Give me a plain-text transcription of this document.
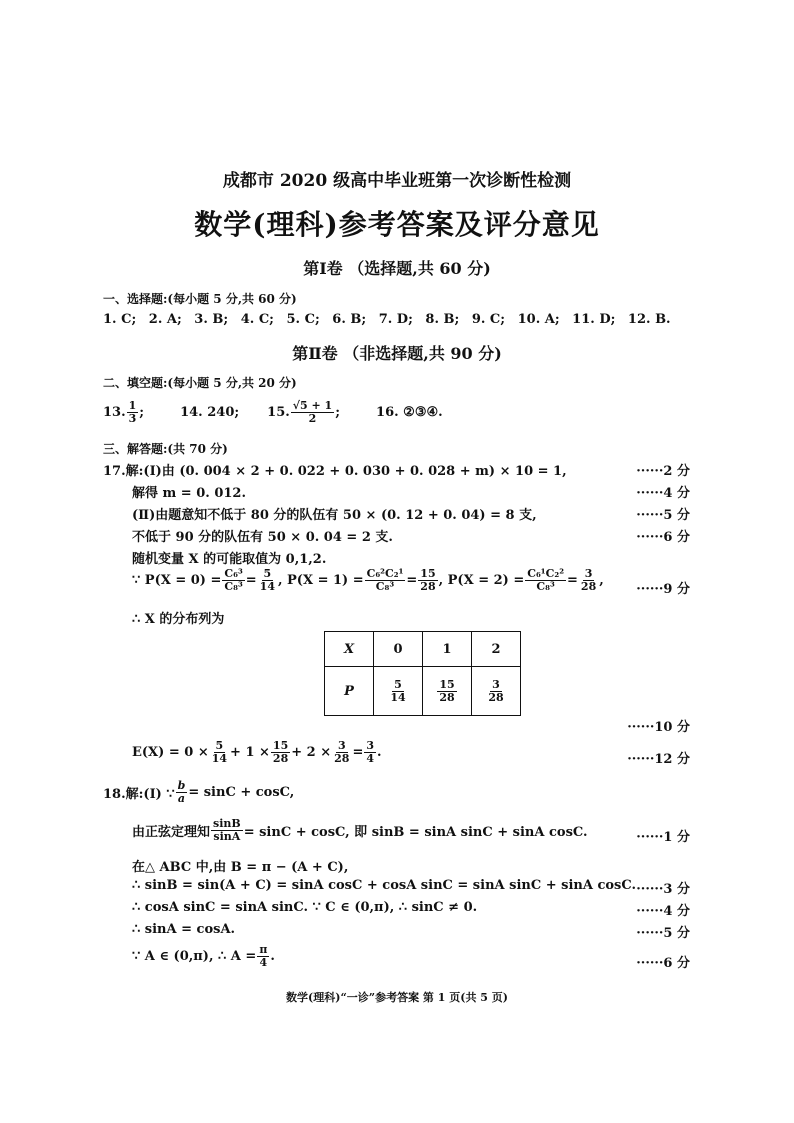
成都市 2020 级高中毕业班第一次诊断性检测
数学(理科)参考答案及评分意见
第Ⅰ卷 （选择题,共 60 分)
一、选择题:(每小题 5 分,共 60 分)
1. C; 2. A; 3. B; 4. C; 5. C; 6. B; 7. D; 8. B; 9. C; 10. A; 11. D; 12. B.
第Ⅱ卷 （非选择题,共 90 分)
二、填空题:(每小题 5 分,共 20 分)
13. $\frac{1}{3}$ ;	14. 240; 15. $\frac{√5 + 1}{2}$ ;	16. ②③④.
三、解答题:(共 70 分)
17.解:(Ⅰ)由 (0. 004 × 2 + 0. 022 + 0. 030 + 0. 028 + m) × 10 = 1,	······2 分
解得 m = 0. 012.	······4 分
(Ⅱ)由题意知不低于 80 分的队伍有 50 × (0. 12 + 0. 04) = 8 支,	······5 分
不低于 90 分的队伍有 50 × 0. 04 = 2 支.	······6 分
随机变量 X 的可能取值为 0,1,2.
∵ $P(X = 0) = \frac{\text{C₆³}}{\text{C₈³}} = \frac{5}{14}$ , $P(X = 1) = \frac{\text{C₆²C₂¹}}{\text{C₈³}} = \frac{15}{28}$ , $P(X = 2) = \frac{\text{C₆¹C₂²}}{\text{C₈³}} = \frac{3}{28}$ ,
······9 分
∴ X 的分布列为
X	0	1	2
P	$\frac{5}{14}$	$\frac{15}{28}$	$\frac{3}{28}$
······10 分
$E(X) = 0 \times \frac{5}{14} + 1 \times \frac{15}{28} + 2 \times \frac{3}{28} = \frac{3}{4}$ .	······12 分
18.解:(Ⅰ) ∵ $\frac{b}{a} = \sin C + \cos C$,
由正弦定理知 $\frac{\sin B}{\sin A} = \sin C + \cos C$, 即 sinB = sinA sinC + sinA cosC.	······1 分
在△ ABC 中,由 B = π − (A + C),
∴ sinB = sin(A + C) = sinA cosC + cosA sinC = sinA sinC + sinA cosC. ······3 分
∴ cosA sinC = sinA sinC. ∵ C ∈ (0,π), ∴ sinC ≠ 0.	······4 分
∴ sinA = cosA.	······5 分
∵ A ∈ (0,π), ∴ $A = \frac{\pi}{4}$ .	······6 分
数学(理科)“一诊”参考答案 第 1 页(共 5 页)
